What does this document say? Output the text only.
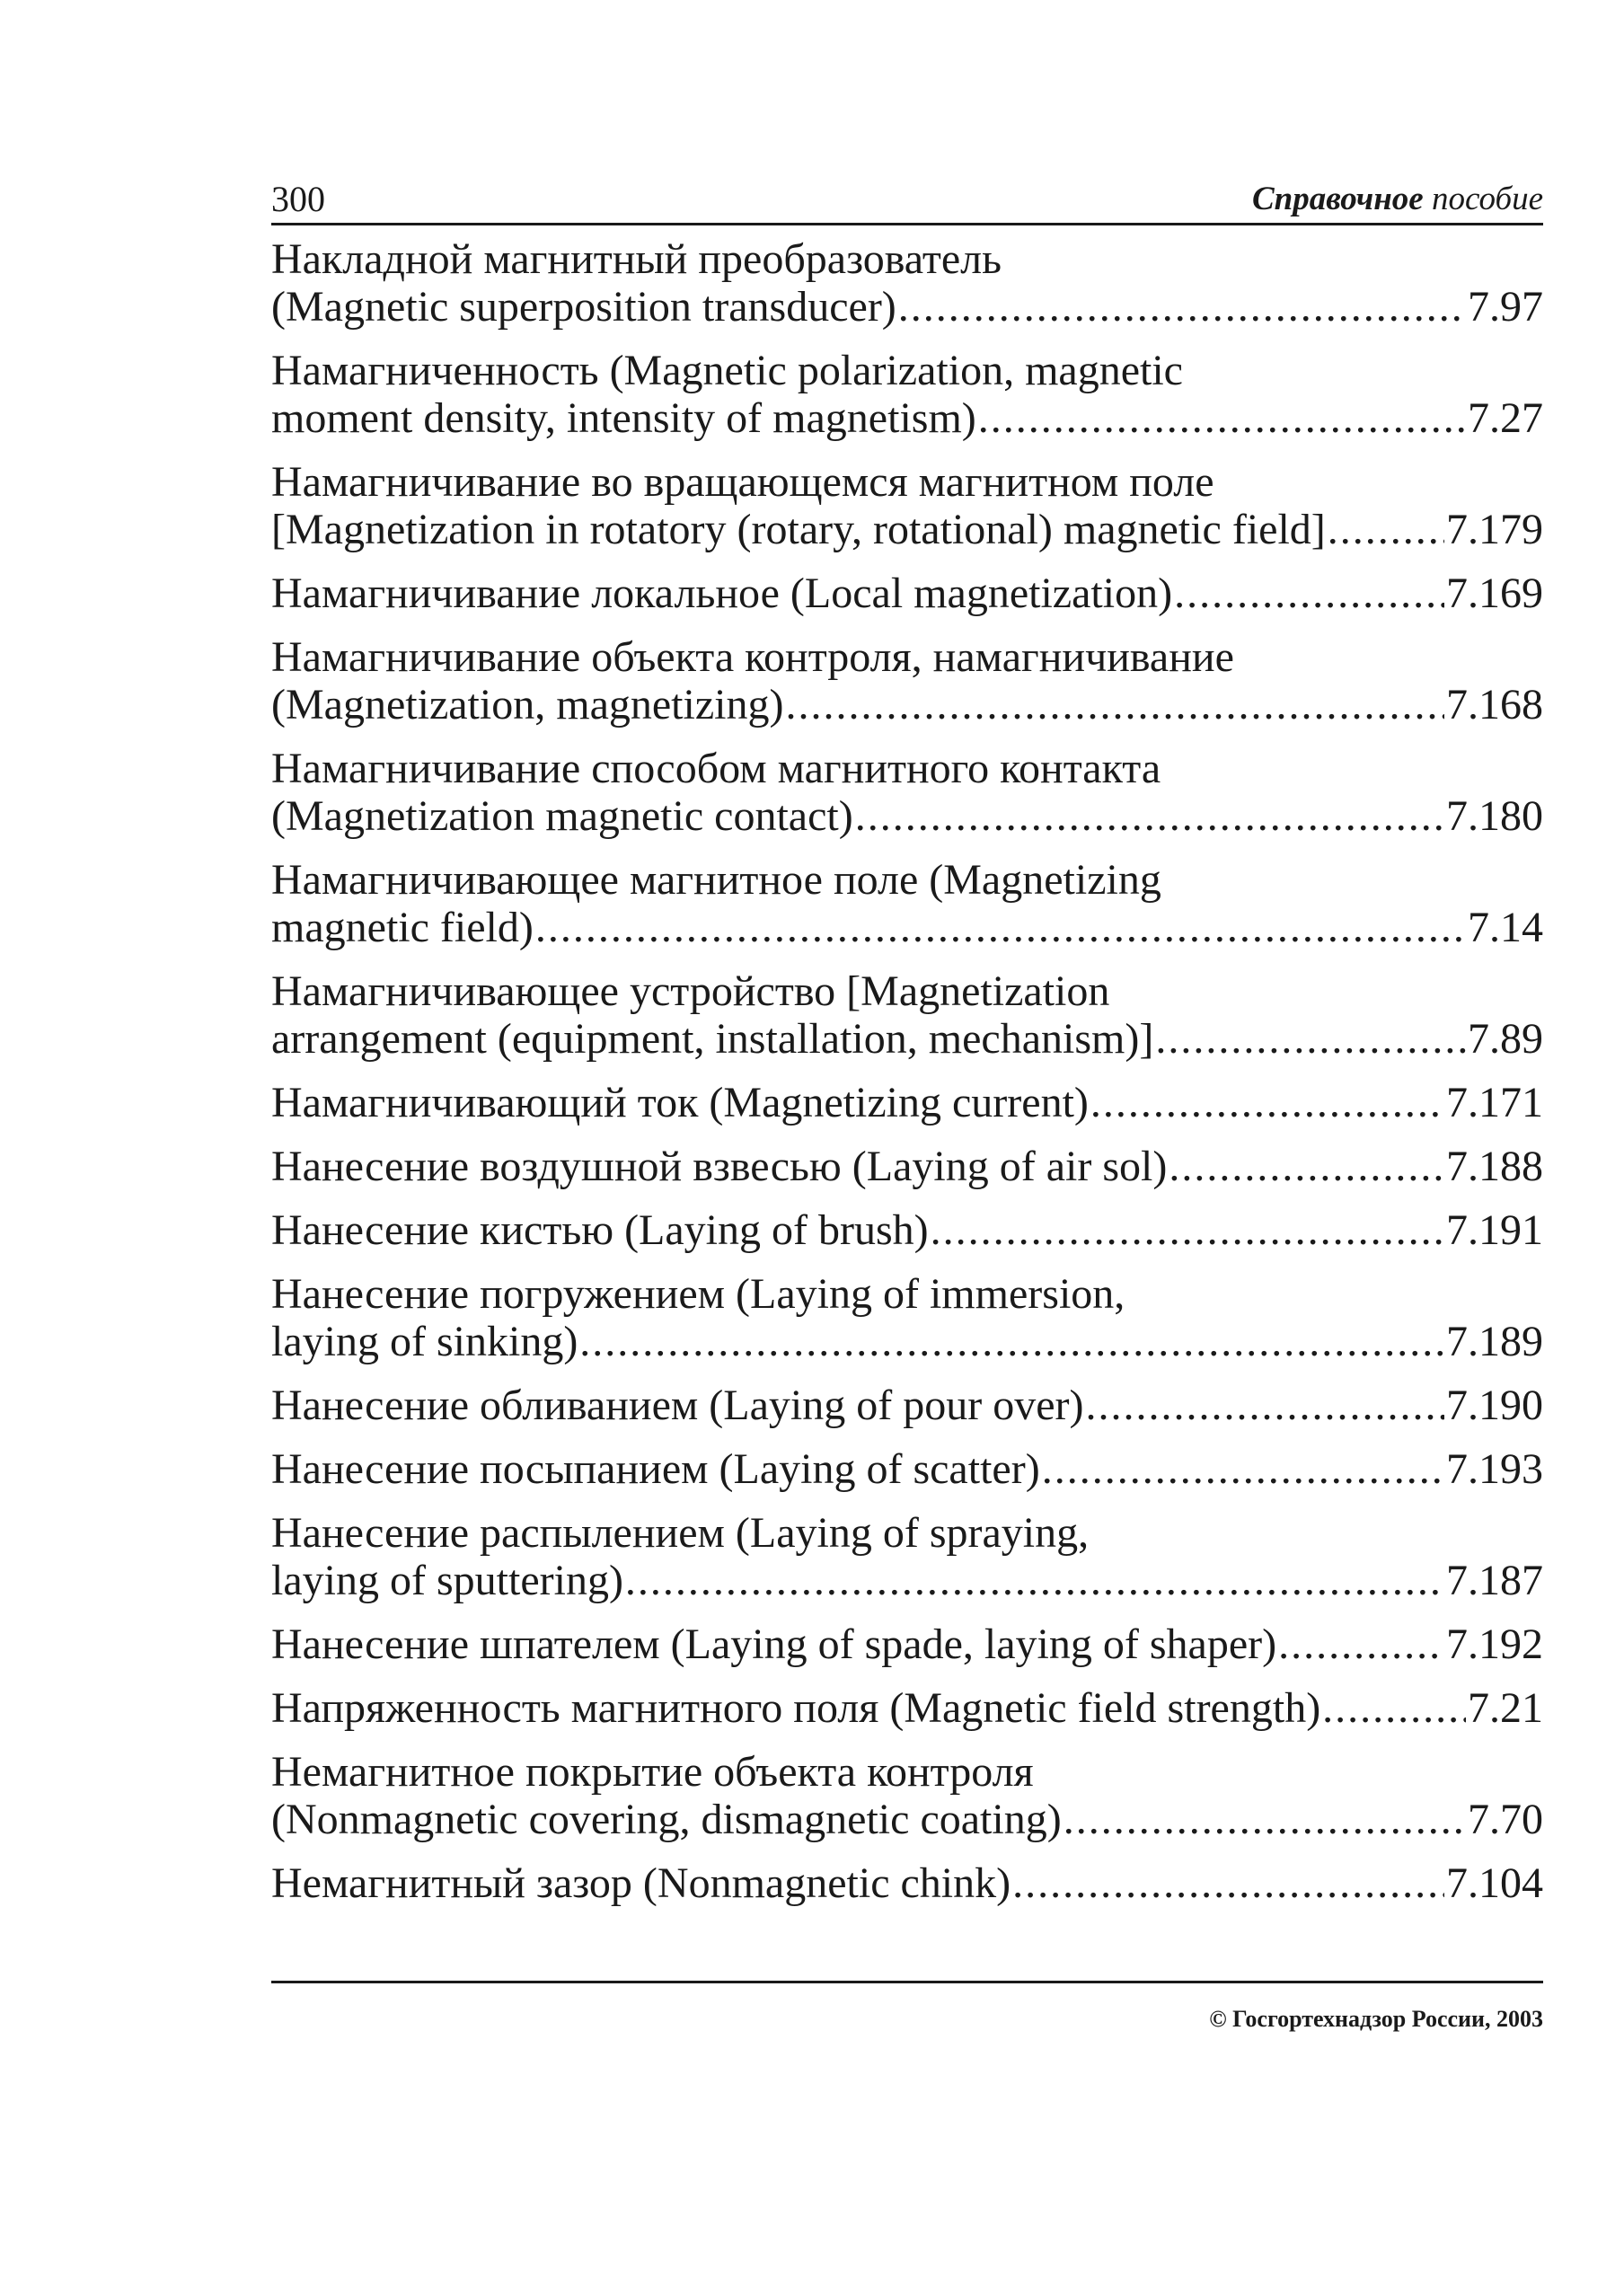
300	Справочное пособие
Накладной магнитный преобразователь
(Magnetic superposition transducer) .....	7.97
Намагниченность (Magnetic polarization, magnetic
moment density, intensity of magnetism) .....	7.27
Намагничивание во вращающемся магнитном поле
[Magnetization in rotatory (rotary, rotational) magnetic field] .....	7.179
Намагничивание локальное (Local magnetization) .....	7.169
Намагничивание объекта контроля, намагничивание
(Magnetization, magnetizing) .....	7.168
Намагничивание способом магнитного контакта
(Magnetization magnetic contact) .....	7.180
Намагничивающее магнитное поле (Magnetizing
magnetic field) .....	7.14
Намагничивающее устройство [Magnetization
arrangement (equipment, installation, mechanism)] .....	7.89
Намагничивающий ток (Magnetizing current) .....	7.171
Нанесение воздушной взвесью (Laying of air sol) .....	7.188
Нанесение кистью (Laying of brush) .....	7.191
Нанесение погружением (Laying of immersion,
laying of sinking) .....	7.189
Нанесение обливанием (Laying of pour over) .....	7.190
Нанесение посыпанием (Laying of scatter) .....	7.193
Нанесение распылением (Laying of spraying,
laying of sputtering) .....	7.187
Нанесение шпателем (Laying of spade, laying of shaper) .....	7.192
Напряженность магнитного поля (Magnetic field strength) .....	7.21
Немагнитное покрытие объекта контроля
(Nonmagnetic covering, dismagnetic coating) .....	7.70
Немагнитный зазор (Nonmagnetic chink) .....	7.104
© Госгортехнадзор России, 2003
